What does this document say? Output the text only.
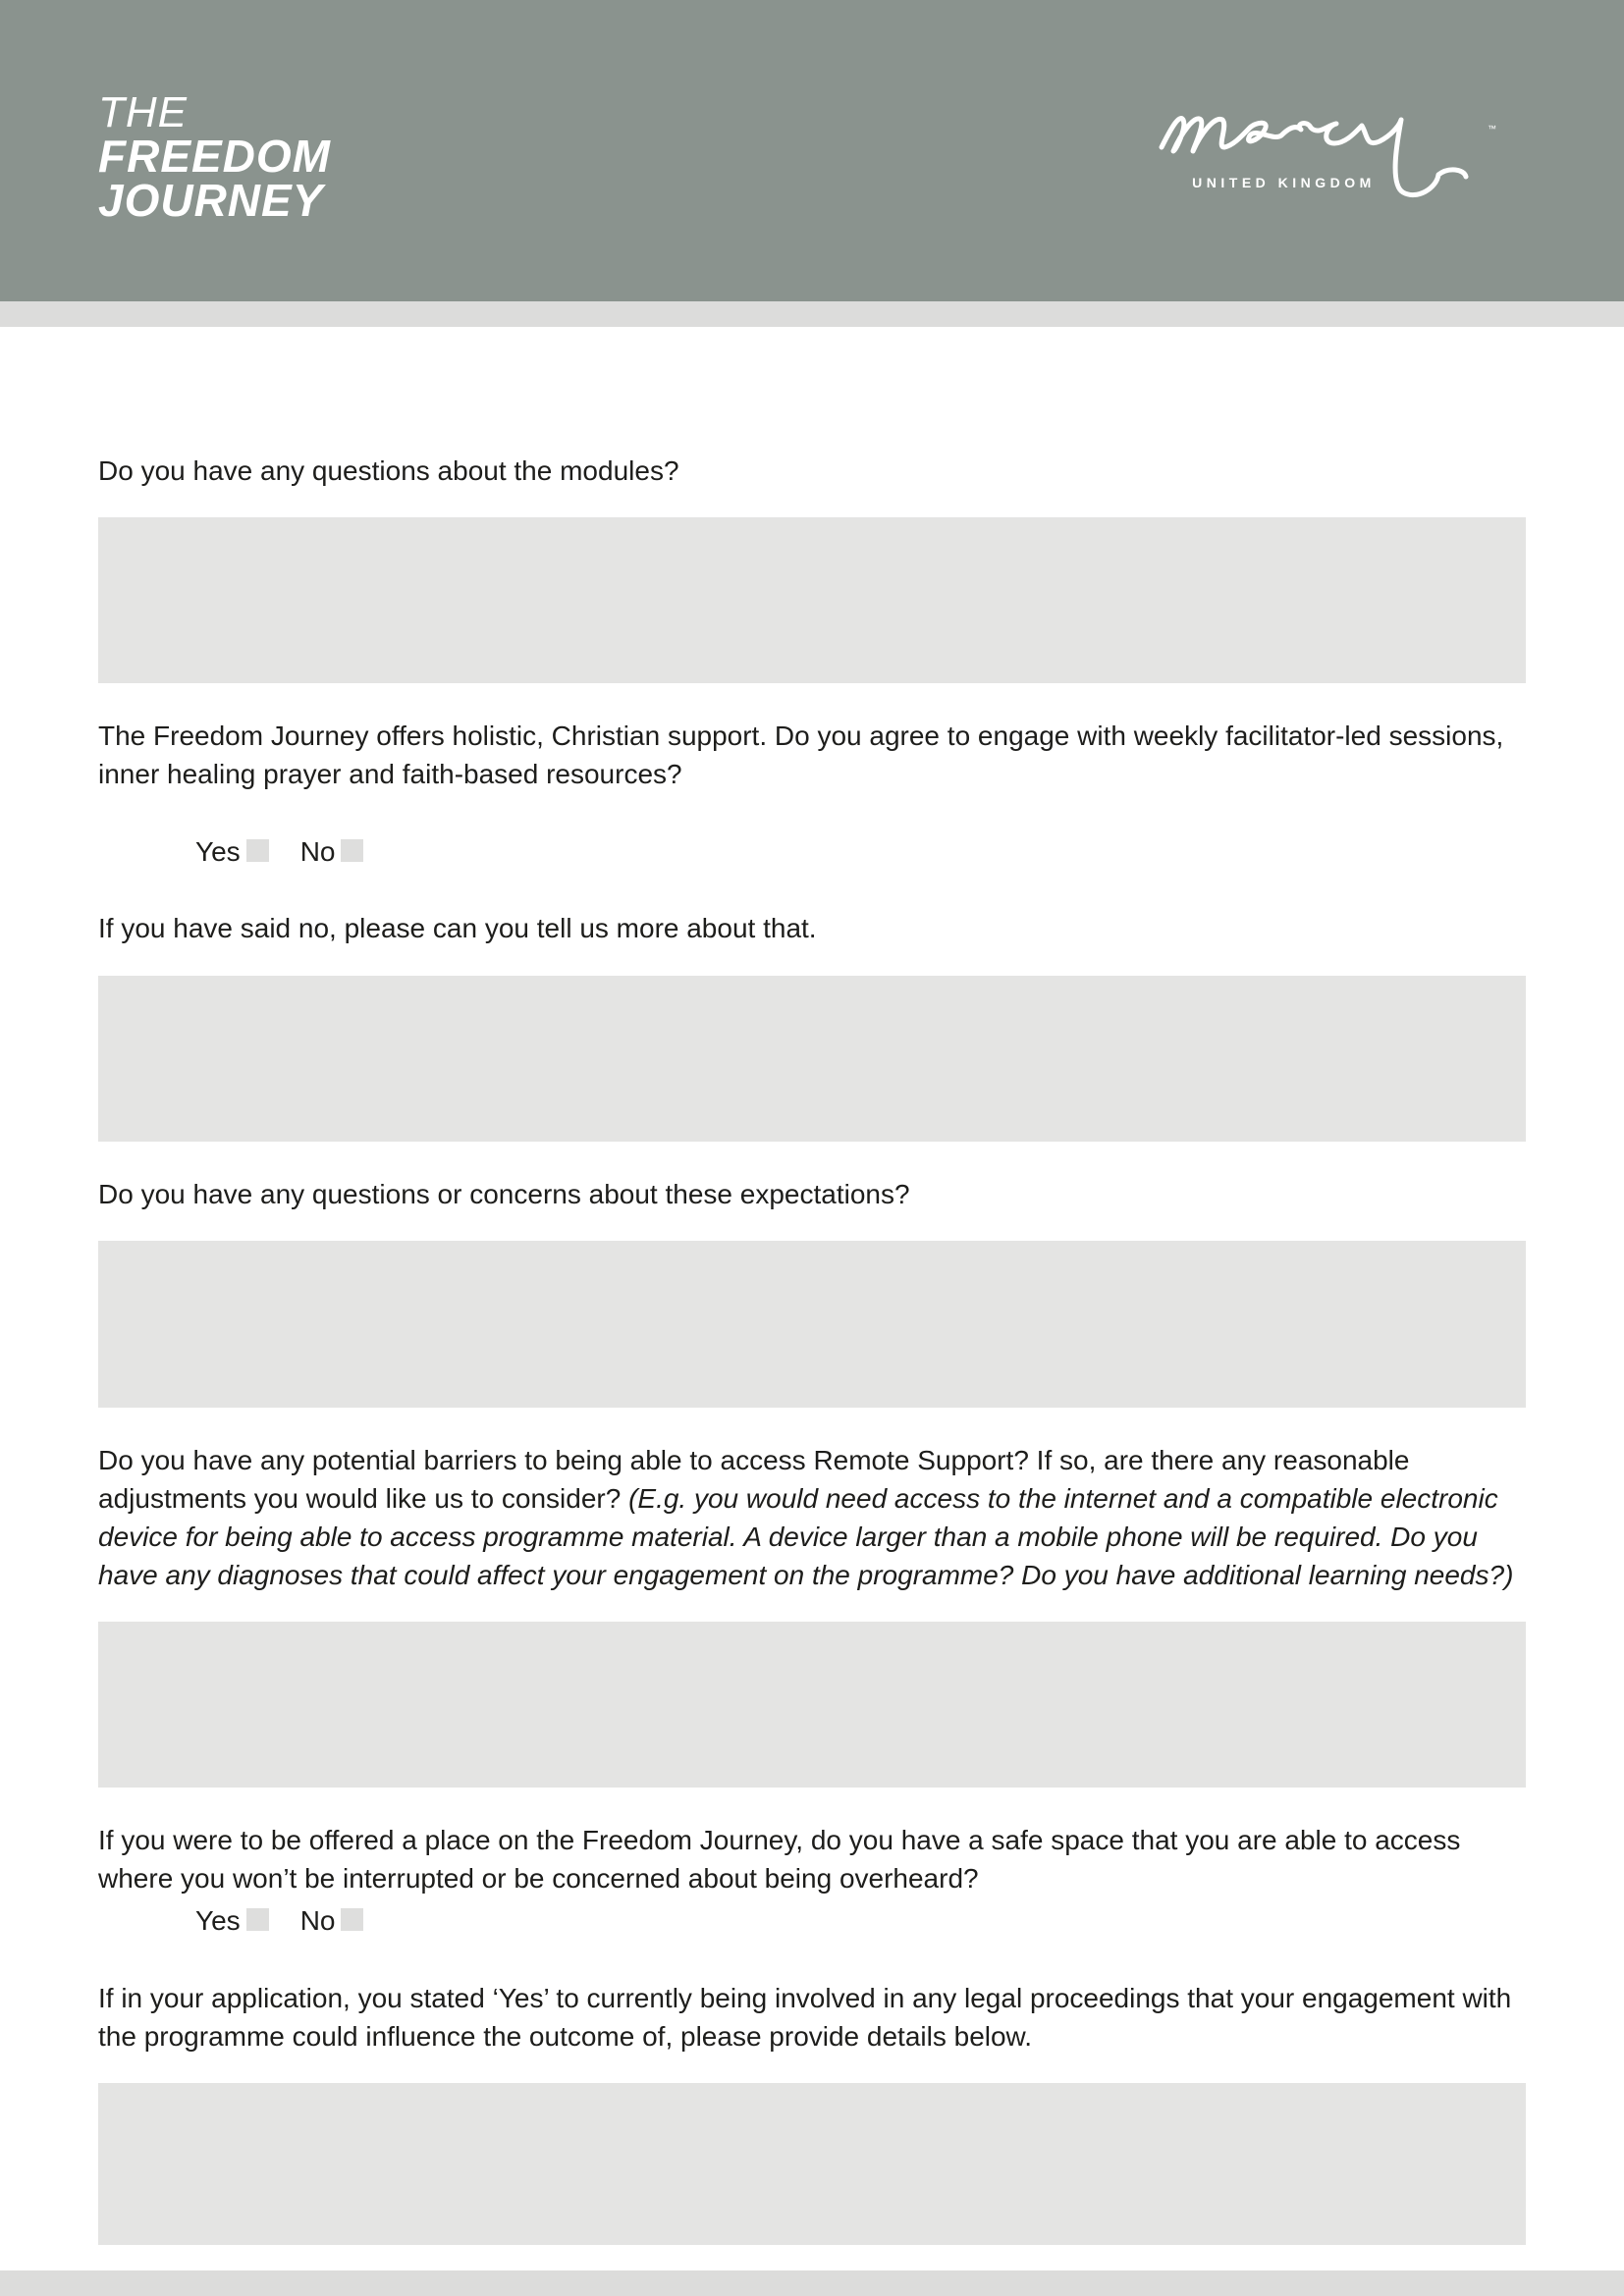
THE
FREEDOM
JOURNEY
™
UNITED KINGDOM

Do you have any questions about the modules?

The Freedom Journey offers holistic, Christian support. Do you agree to engage with weekly facilitator-led sessions, inner healing prayer and faith-based resources?

Yes No

If you have said no, please can you tell us more about that.

Do you have any questions or concerns about these expectations?

Do you have any potential barriers to being able to access Remote Support? If so, are there any reasonable adjustments you would like us to consider? (E.g. you would need access to the internet and a compatible electronic device for being able to access programme material. A device larger than a mobile phone will be required. Do you have any diagnoses that could affect your engagement on the programme? Do you have additional learning needs?)

If you were to be offered a place on the Freedom Journey, do you have a safe space that you are able to access where you won’t be interrupted or be concerned about being overheard?

Yes No

If in your application, you stated ‘Yes’ to currently being involved in any legal proceedings that your engagement with the programme could influence the outcome of, please provide details below.
